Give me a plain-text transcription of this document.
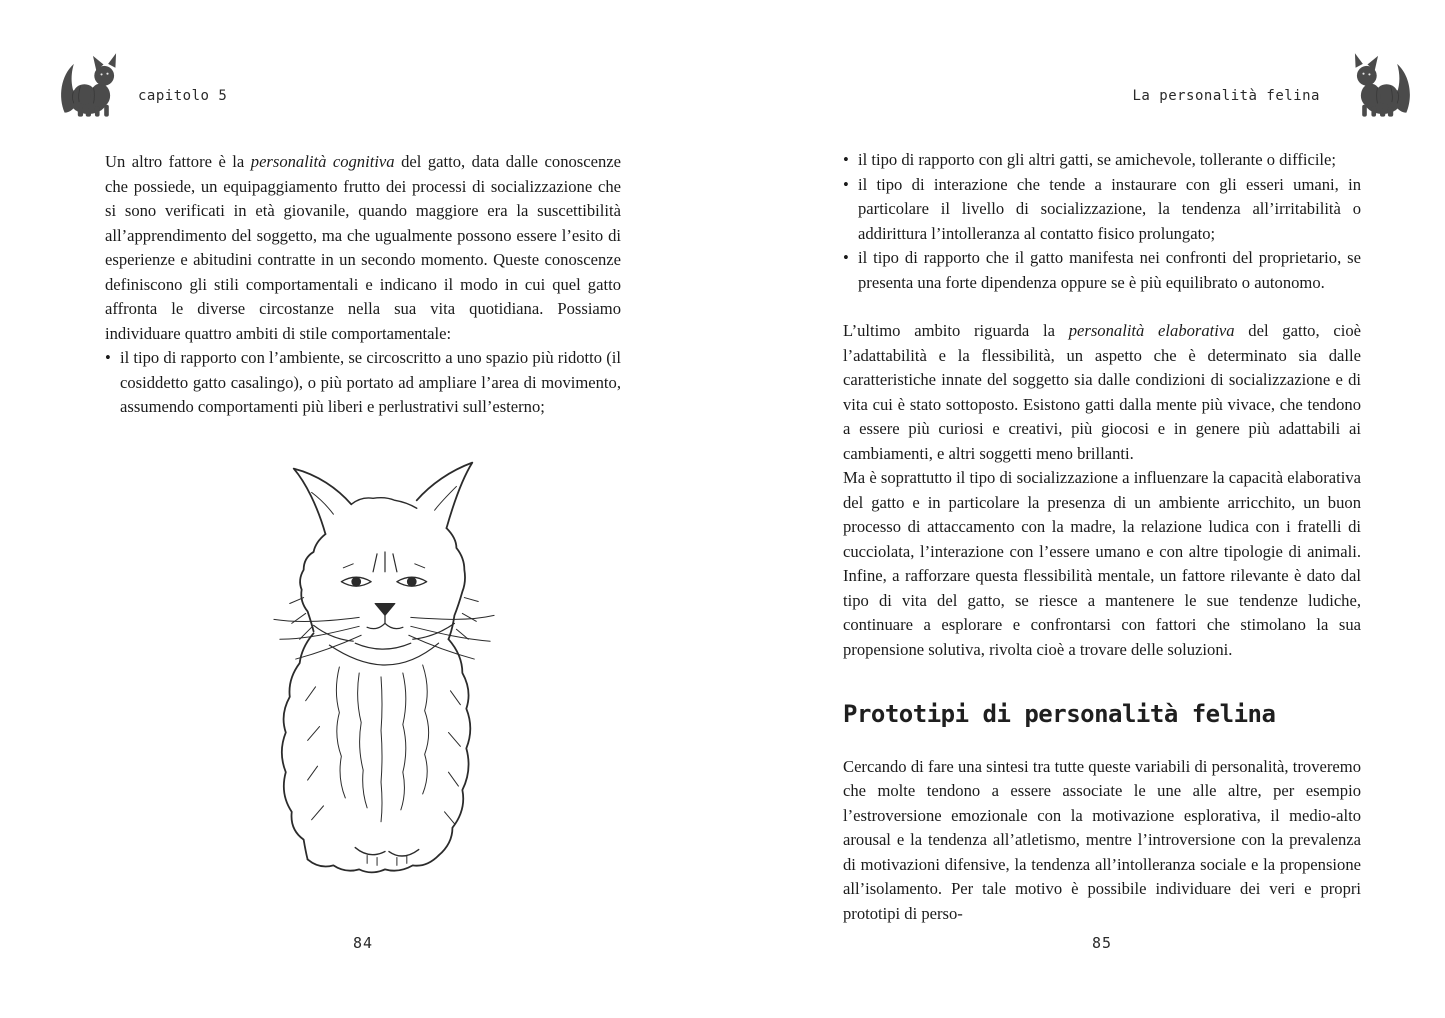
capitolo 5	La personalità felina

Un altro fattore è la personalità cognitiva del gatto, data dalle conoscenze che possiede, un equipaggiamento frutto dei processi di socializzazione che si sono verificati in età giovanile, quando maggiore era la suscettibilità all’apprendimento del soggetto, ma che ugualmente possono essere l’esito di esperienze e abitudini contratte in un secondo momento. Queste conoscenze definiscono gli stili comportamentali e indicano il modo in cui quel gatto affronta le diverse circostanze nella sua vita quotidiana. Possiamo individuare quattro ambiti di stile comportamentale:

• il tipo di rapporto con l’ambiente, se circoscritto a uno spazio più ridotto (il cosiddetto gatto casalingo), o più portato ad ampliare l’area di movimento, assumendo comportamenti più liberi e perlustrativi sull’esterno;
• il tipo di rapporto con gli altri gatti, se amichevole, tollerante o difficile;
• il tipo di interazione che tende a instaurare con gli esseri umani, in particolare il livello di socializzazione, la tendenza all’irritabilità o addirittura l’intolleranza al contatto fisico prolungato;
• il tipo di rapporto che il gatto manifesta nei confronti del proprietario, se presenta una forte dipendenza oppure se è più equilibrato o autonomo.

L’ultimo ambito riguarda la personalità elaborativa del gatto, cioè l’adattabilità e la flessibilità, un aspetto che è determinato sia dalle caratteristiche innate del soggetto sia dalle condizioni di socializzazione e di vita cui è stato sottoposto. Esistono gatti dalla mente più vivace, che tendono a essere più curiosi e creativi, più giocosi e in genere più adattabili ai cambiamenti, e altri soggetti meno brillanti.

Ma è soprattutto il tipo di socializzazione a influenzare la capacità elaborativa del gatto e in particolare la presenza di un ambiente arricchito, un buon processo di attaccamento con la madre, la relazione ludica con i fratelli di cucciolata, l’interazione con l’essere umano e con altre tipologie di animali. Infine, a rafforzare questa flessibilità mentale, un fattore rilevante è dato dal tipo di vita del gatto, se riesce a mantenere le sue tendenze ludiche, continuare a esplorare e confrontarsi con fattori che stimolano la sua propensione solutiva, rivolta cioè a trovare delle soluzioni.

Prototipi di personalità felina

Cercando di fare una sintesi tra tutte queste variabili di personalità, troveremo che molte tendono a essere associate le une alle altre, per esempio l’estroversione emozionale con la motivazione esplorativa, il medio-alto arousal e la tendenza all’atletismo, mentre l’introversione con la prevalenza di motivazioni difensive, la tendenza all’intolleranza sociale e la propensione all’isolamento. Per tale motivo è possibile individuare dei veri e propri prototipi di perso-

84	85
